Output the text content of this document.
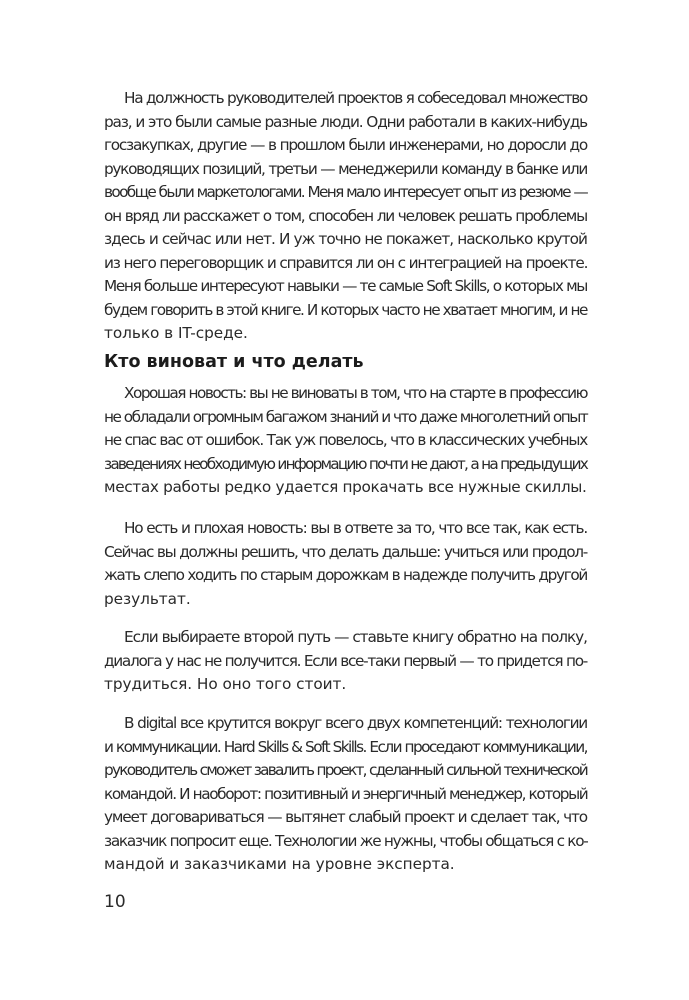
На должность руководителей проектов я собеседовал множество
раз, и это были самые разные люди. Одни работали в каких-нибудь
госзакупках, другие — в прошлом были инженерами, но доросли до
руководящих позиций, третьи — менеджерили команду в банке или
вообще были маркетологами. Меня мало интересует опыт из резюме —
он вряд ли расскажет о том, способен ли человек решать проблемы
здесь и сейчас или нет. И уж точно не покажет, насколько крутой
из него переговорщик и справится ли он с интеграцией на проекте.
Меня больше интересуют навыки — те самые Soft Skills, о которых мы
будем говорить в этой книге. И которых часто не хватает многим, и не
только в IT-среде.
Кто виноват и что делать
Хорошая новость: вы не виноваты в том, что на старте в профессию
не обладали огромным багажом знаний и что даже многолетний опыт
не спас вас от ошибок. Так уж повелось, что в классических учебных
заведениях необходимую информацию почти не дают, а на предыдущих
местах работы редко удается прокачать все нужные скиллы.
Но есть и плохая новость: вы в ответе за то, что все так, как есть.
Сейчас вы должны решить, что делать дальше: учиться или продол-
жать слепо ходить по старым дорожкам в надежде получить другой
результат.
Если выбираете второй путь — ставьте книгу обратно на полку,
диалога у нас не получится. Если все-таки первый — то придется по-
трудиться. Но оно того стоит.
В digital все крутится вокруг всего двух компетенций: технологии
и коммуникации. Hard Skills & Soft Skills. Если проседают коммуникации,
руководитель сможет завалить проект, сделанный сильной технической
командой. И наоборот: позитивный и энергичный менеджер, который
умеет договариваться — вытянет слабый проект и сделает так, что
заказчик попросит еще. Технологии же нужны, чтобы общаться с ко-
мандой и заказчиками на уровне эксперта.
10
